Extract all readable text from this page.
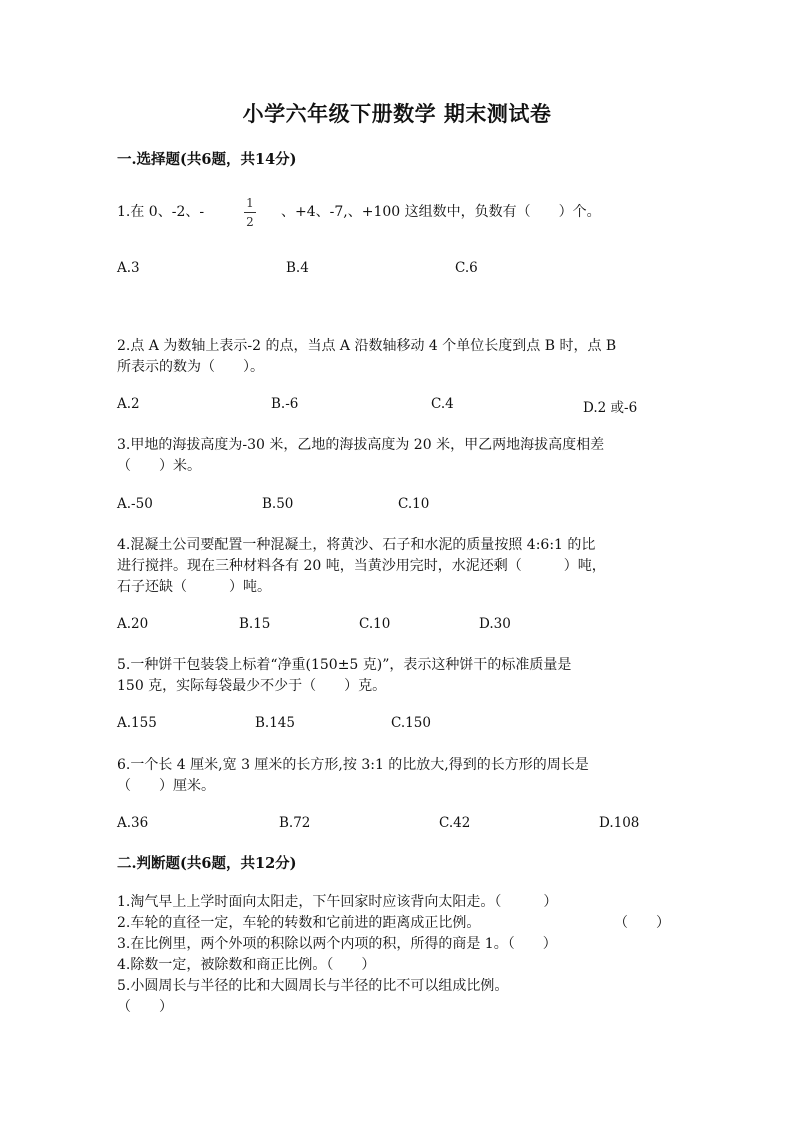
小学六年级下册数学 期末测试卷
一.选择题(共6题，共14分)
1.在 0、-2、-
1
2
、+4、-7,、+100 这组数中，负数有（　　）个。
A.3	B.4	C.6
2.点 A 为数轴上表示-2 的点，当点 A 沿数轴移动 4 个单位长度到点 B 时，点 B
所表示的数为（　　）。
A.2	B.-6	C.4	D.2 或-6
3.甲地的海拔高度为-30 米，乙地的海拔高度为 20 米，甲乙两地海拔高度相差
（　　）米。
A.-50	B.50	C.10
4.混凝土公司要配置一种混凝土，将黄沙、石子和水泥的质量按照 4:6:1 的比
进行搅拌。现在三种材料各有 20 吨，当黄沙用完时，水泥还剩（　　　）吨，
石子还缺（　　　）吨。
A.20	B.15	C.10	D.30
5.一种饼干包装袋上标着“净重(150±5 克)”，表示这种饼干的标准质量是
150 克，实际每袋最少不少于（　　）克。
A.155	B.145	C.150
6.一个长 4 厘米,宽 3 厘米的长方形,按 3:1 的比放大,得到的长方形的周长是
（　　）厘米。
A.36	B.72	C.42	D.108
二.判断题(共6题，共12分)
1.淘气早上上学时面向太阳走，下午回家时应该背向太阳走。（　　　）
2.车轮的直径一定，车轮的转数和它前进的距离成正比例。	（　　）
3.在比例里，两个外项的积除以两个内项的积，所得的商是 1。（　　）
4.除数一定，被除数和商正比例。（　　）
5.小圆周长与半径的比和大圆周长与半径的比不可以组成比例。
（　　）
